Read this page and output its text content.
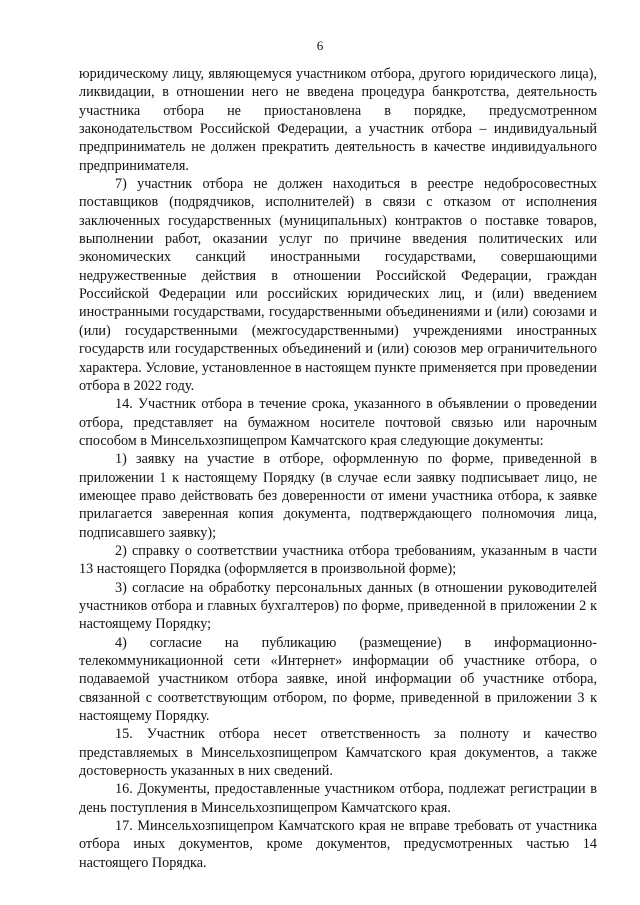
6

юридическому лицу, являющемуся участником отбора, другого юридического лица), ликвидации, в отношении него не введена процедура банкротства, деятельность участника отбора не приостановлена в порядке, предусмотренном законодательством Российской Федерации, а участник отбора – индивидуальный предприниматель не должен прекратить деятельность в качестве индивидуального предпринимателя.

7) участник отбора не должен находиться в реестре недобросовестных поставщиков (подрядчиков, исполнителей) в связи с отказом от исполнения заключенных государственных (муниципальных) контрактов о поставке товаров, выполнении работ, оказании услуг по причине введения политических или экономических санкций иностранными государствами, совершающими недружественные действия в отношении Российской Федерации, граждан Российской Федерации или российских юридических лиц, и (или) введением иностранными государствами, государственными объединениями и (или) союзами и (или) государственными (межгосударственными) учреждениями иностранных государств или государственных объединений и (или) союзов мер ограничительного характера. Условие, установленное в настоящем пункте применяется при проведении отбора в 2022 году.

14. Участник отбора в течение срока, указанного в объявлении о проведении отбора, представляет на бумажном носителе почтовой связью или нарочным способом в Минсельхозпищепром Камчатского края следующие документы:

1) заявку на участие в отборе, оформленную по форме, приведенной в приложении 1 к настоящему Порядку (в случае если заявку подписывает лицо, не имеющее право действовать без доверенности от имени участника отбора, к заявке прилагается заверенная копия документа, подтверждающего полномочия лица, подписавшего заявку);

2) справку о соответствии участника отбора требованиям, указанным в части 13 настоящего Порядка (оформляется в произвольной форме);

3) согласие на обработку персональных данных (в отношении руководителей участников отбора и главных бухгалтеров) по форме, приведенной в приложении 2 к настоящему Порядку;

4) согласие на публикацию (размещение) в информационно-телекоммуникационной сети «Интернет» информации об участнике отбора, о подаваемой участником отбора заявке, иной информации об участнике отбора, связанной с соответствующим отбором, по форме, приведенной в приложении 3 к настоящему Порядку.

15. Участник отбора несет ответственность за полноту и качество представляемых в Минсельхозпищепром Камчатского края документов, а также достоверность указанных в них сведений.

16. Документы, предоставленные участником отбора, подлежат регистрации в день поступления в Минсельхозпищепром Камчатского края.

17. Минсельхозпищепром Камчатского края не вправе требовать от участника отбора иных документов, кроме документов, предусмотренных частью 14 настоящего Порядка.
